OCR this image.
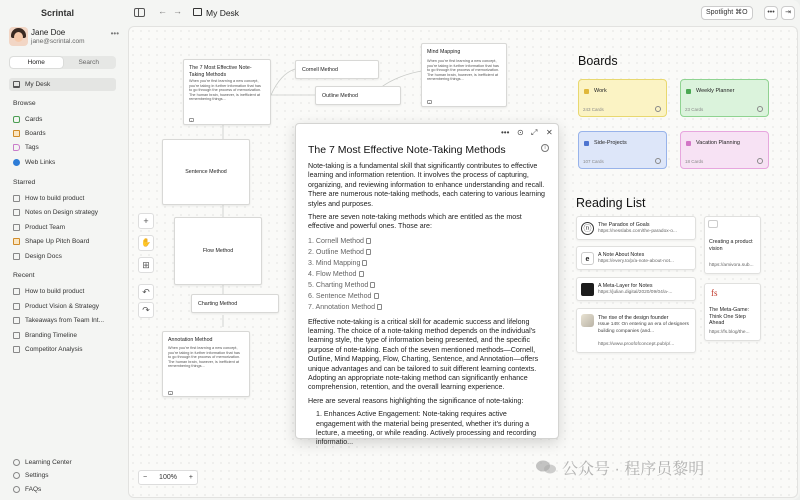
Scrintal
Jane Doe
jane@scrintal.com
•••
Home	Search
My Desk
Browse
Cards
Boards
Tags
Web Links
Starred
How to build product
Notes on Design strategy
Product Team
Shape Up Pitch Board
Design Docs
Recent
How to build product
Product Vision & Strategy
Takeaways from Team Int...
Branding Timeline
Competitor Analysis
Learning Center
Settings
FAQs
← →	My Desk	Spotlight ⌘O	•••	⇥
The 7 Most Effective Note-Taking Methods
When you're first learning a new concept, you're taking in further information that has to go through the process of memorization. The human brain, however, is inefficient at remembering things...
a
Cornell Method
Outline Method
Mind Mapping
When you're first learning a new concept, you're taking in further information that has to go through the process of memorization. The human brain, however, is inefficient at remembering things...
a
Sentence Method
Flow Method
Charting Method
Annotation Method
When you're first learning a new concept, you're taking in further information that has to go through the process of memorization. The human brain, however, is inefficient at remembering things...
a
+
✋
⊞
↶
↷
− 100% +
••• ⊙ ⤢ ✕
The 7 Most Effective Note-Taking Methods	i

Note-taking is a fundamental skill that significantly contributes to effective learning and information retention. It involves the process of capturing, organizing, and reviewing information to enhance understanding and recall. There are numerous note-taking methods, each catering to various learning styles and purposes.

There are seven note-taking methods which are entitled as the most effective and powerful ones. Those are:

1. Cornell Method
2. Outline Method
3. Mind Mapping
4. Flow Method
5. Charting Method
6. Sentence Method
7. Annotation Method

Effective note-taking is a critical skill for academic success and lifelong learning. The choice of a note-taking method depends on the individual's learning style, the type of information being presented, and the specific purpose of note-taking. Each of the seven mentioned methods—Cornell, Outline, Mind Mapping, Flow, Charting, Sentence, and Annotation—offers unique advantages and can be tailored to suit different learning contexts. Adopting an appropriate note-taking method can significantly enhance comprehension, retention, and the overall learning experience.

Here are several reasons highlighting the significance of note-taking:

1. Enhances Active Engagement: Note-taking requires active engagement with the material being presented, whether it's during a lecture, a meeting, or while reading. Actively processing and recording informatio...

Boards
Work
243 Cards
Weekly Planner
23 Cards
Side-Projects
107 Cards
Vacation Planning
18 Cards
Reading List
ⓝ	The Paradox of Goals
https://nesslabs.com/the-paradox-o...
e
A Note About Notes
https://every.to/p/a-note-about-not...
■	A Meta-Layer for Notes
https://julian.digital/2020/09/04/a-...
The rise of the design founder
Issue 149: On entering an era of designers building companies (and...
https://www.proofofconcept.pub/p/...
Creating a product vision
https://amivora.sub...
fs
The Meta-Game: Think One Step Ahead
https://fs.blog/the...
公众号 · 程序员黎明
